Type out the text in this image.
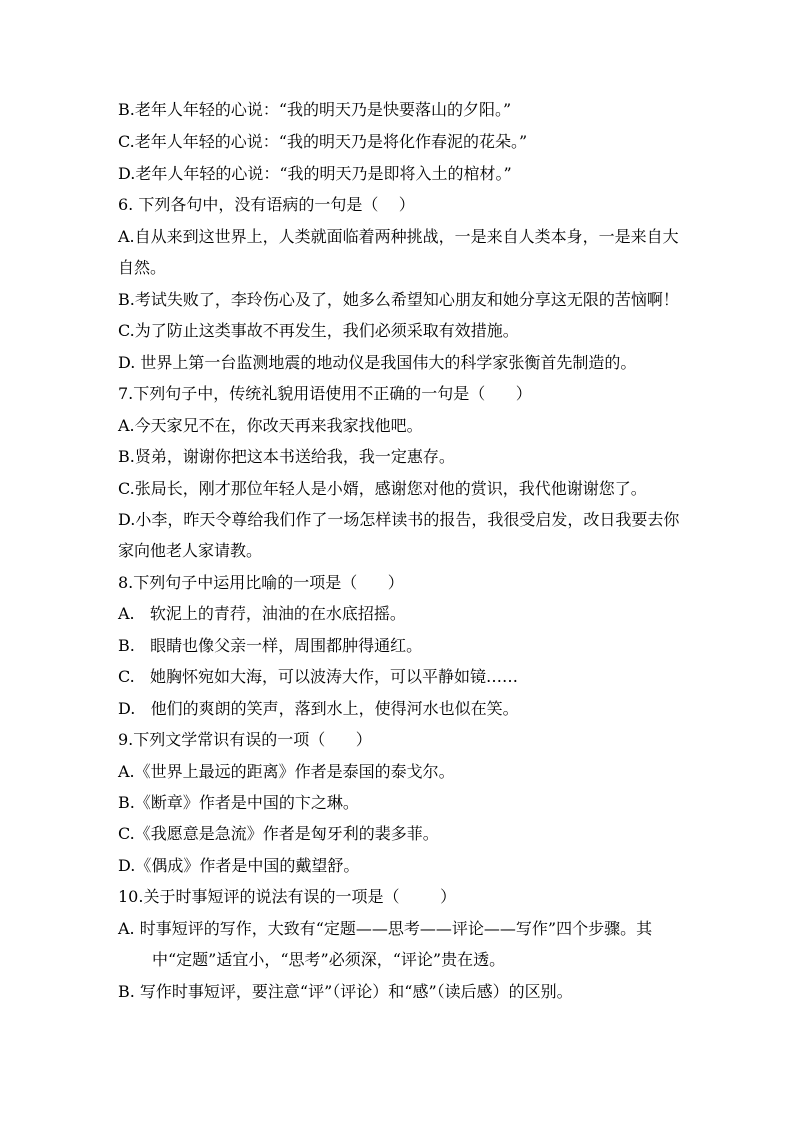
B.老年人年轻的心说：“我的明天乃是快要落山的夕阳。”
C.老年人年轻的心说：“我的明天乃是将化作春泥的花朵。”
D.老年人年轻的心说：“我的明天乃是即将入土的棺材。”
6. 下列各句中，没有语病的一句是（    ）
A.自从来到这世界上，人类就面临着两种挑战，一是来自人类本身，一是来自大
自然。
B.考试失败了，李玲伤心及了，她多么希望知心朋友和她分享这无限的苦恼啊！
C.为了防止这类事故不再发生，我们必须采取有效措施。
D. 世界上第一台监测地震的地动仪是我国伟大的科学家张衡首先制造的。
7.下列句子中，传统礼貌用语使用不正确的一句是（      ）
A.今天家兄不在，你改天再来我家找他吧。
B.贤弟，谢谢你把这本书送给我，我一定惠存。
C.张局长，刚才那位年轻人是小婿，感谢您对他的赏识，我代他谢谢您了。
D.小李，昨天令尊给我们作了一场怎样读书的报告，我很受启发，改日我要去你
家向他老人家请教。
8.下列句子中运用比喻的一项是（      ）
A.   软泥上的青荇，油油的在水底招摇。
B.   眼睛也像父亲一样，周围都肿得通红。
C.   她胸怀宛如大海，可以波涛大作，可以平静如镜……
D.   他们的爽朗的笑声，落到水上，使得河水也似在笑。
9.下列文学常识有误的一项（      ）
A.《世界上最远的距离》作者是泰国的泰戈尔。
B.《断章》作者是中国的卞之琳。
C.《我愿意是急流》作者是匈牙利的裴多菲。
D.《偶成》作者是中国的戴望舒。
10.关于时事短评的说法有误的一项是（        ）
A. 时事短评的写作，大致有“定题——思考——评论——写作”四个步骤。其
中“定题”适宜小，“思考”必须深，“评论”贵在透。
B. 写作时事短评，要注意“评”（评论）和“感”（读后感）的区别。
